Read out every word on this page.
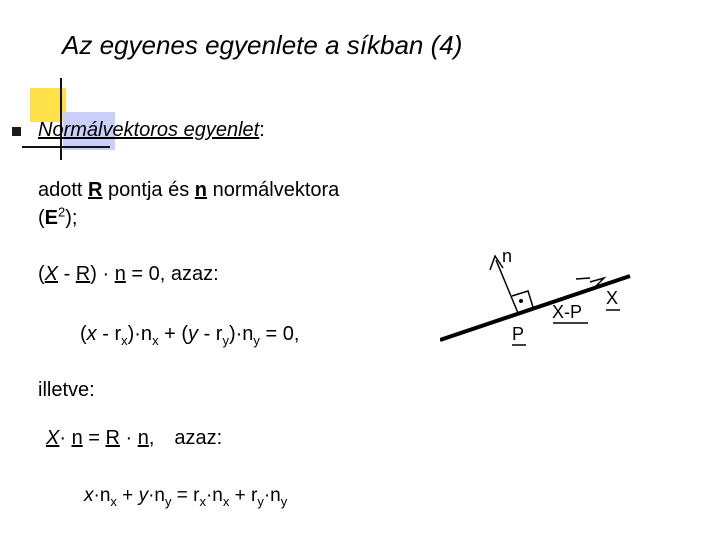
Az egyenes egyenlete a síkban (4)
Normálvektoros egyenlet:
adott R pontja és n normálvektora
$(E^2)$;
(X - R) · n = 0, azaz:
$(x - r_x)\cdot n_x + (y - r_y)\cdot n_y = 0$,
illetve:
X· n = R · n, azaz:
$x\cdot n_x + y\cdot n_y = r_x\cdot n_x + r_y\cdot n_y$
n
X-P
X
P
